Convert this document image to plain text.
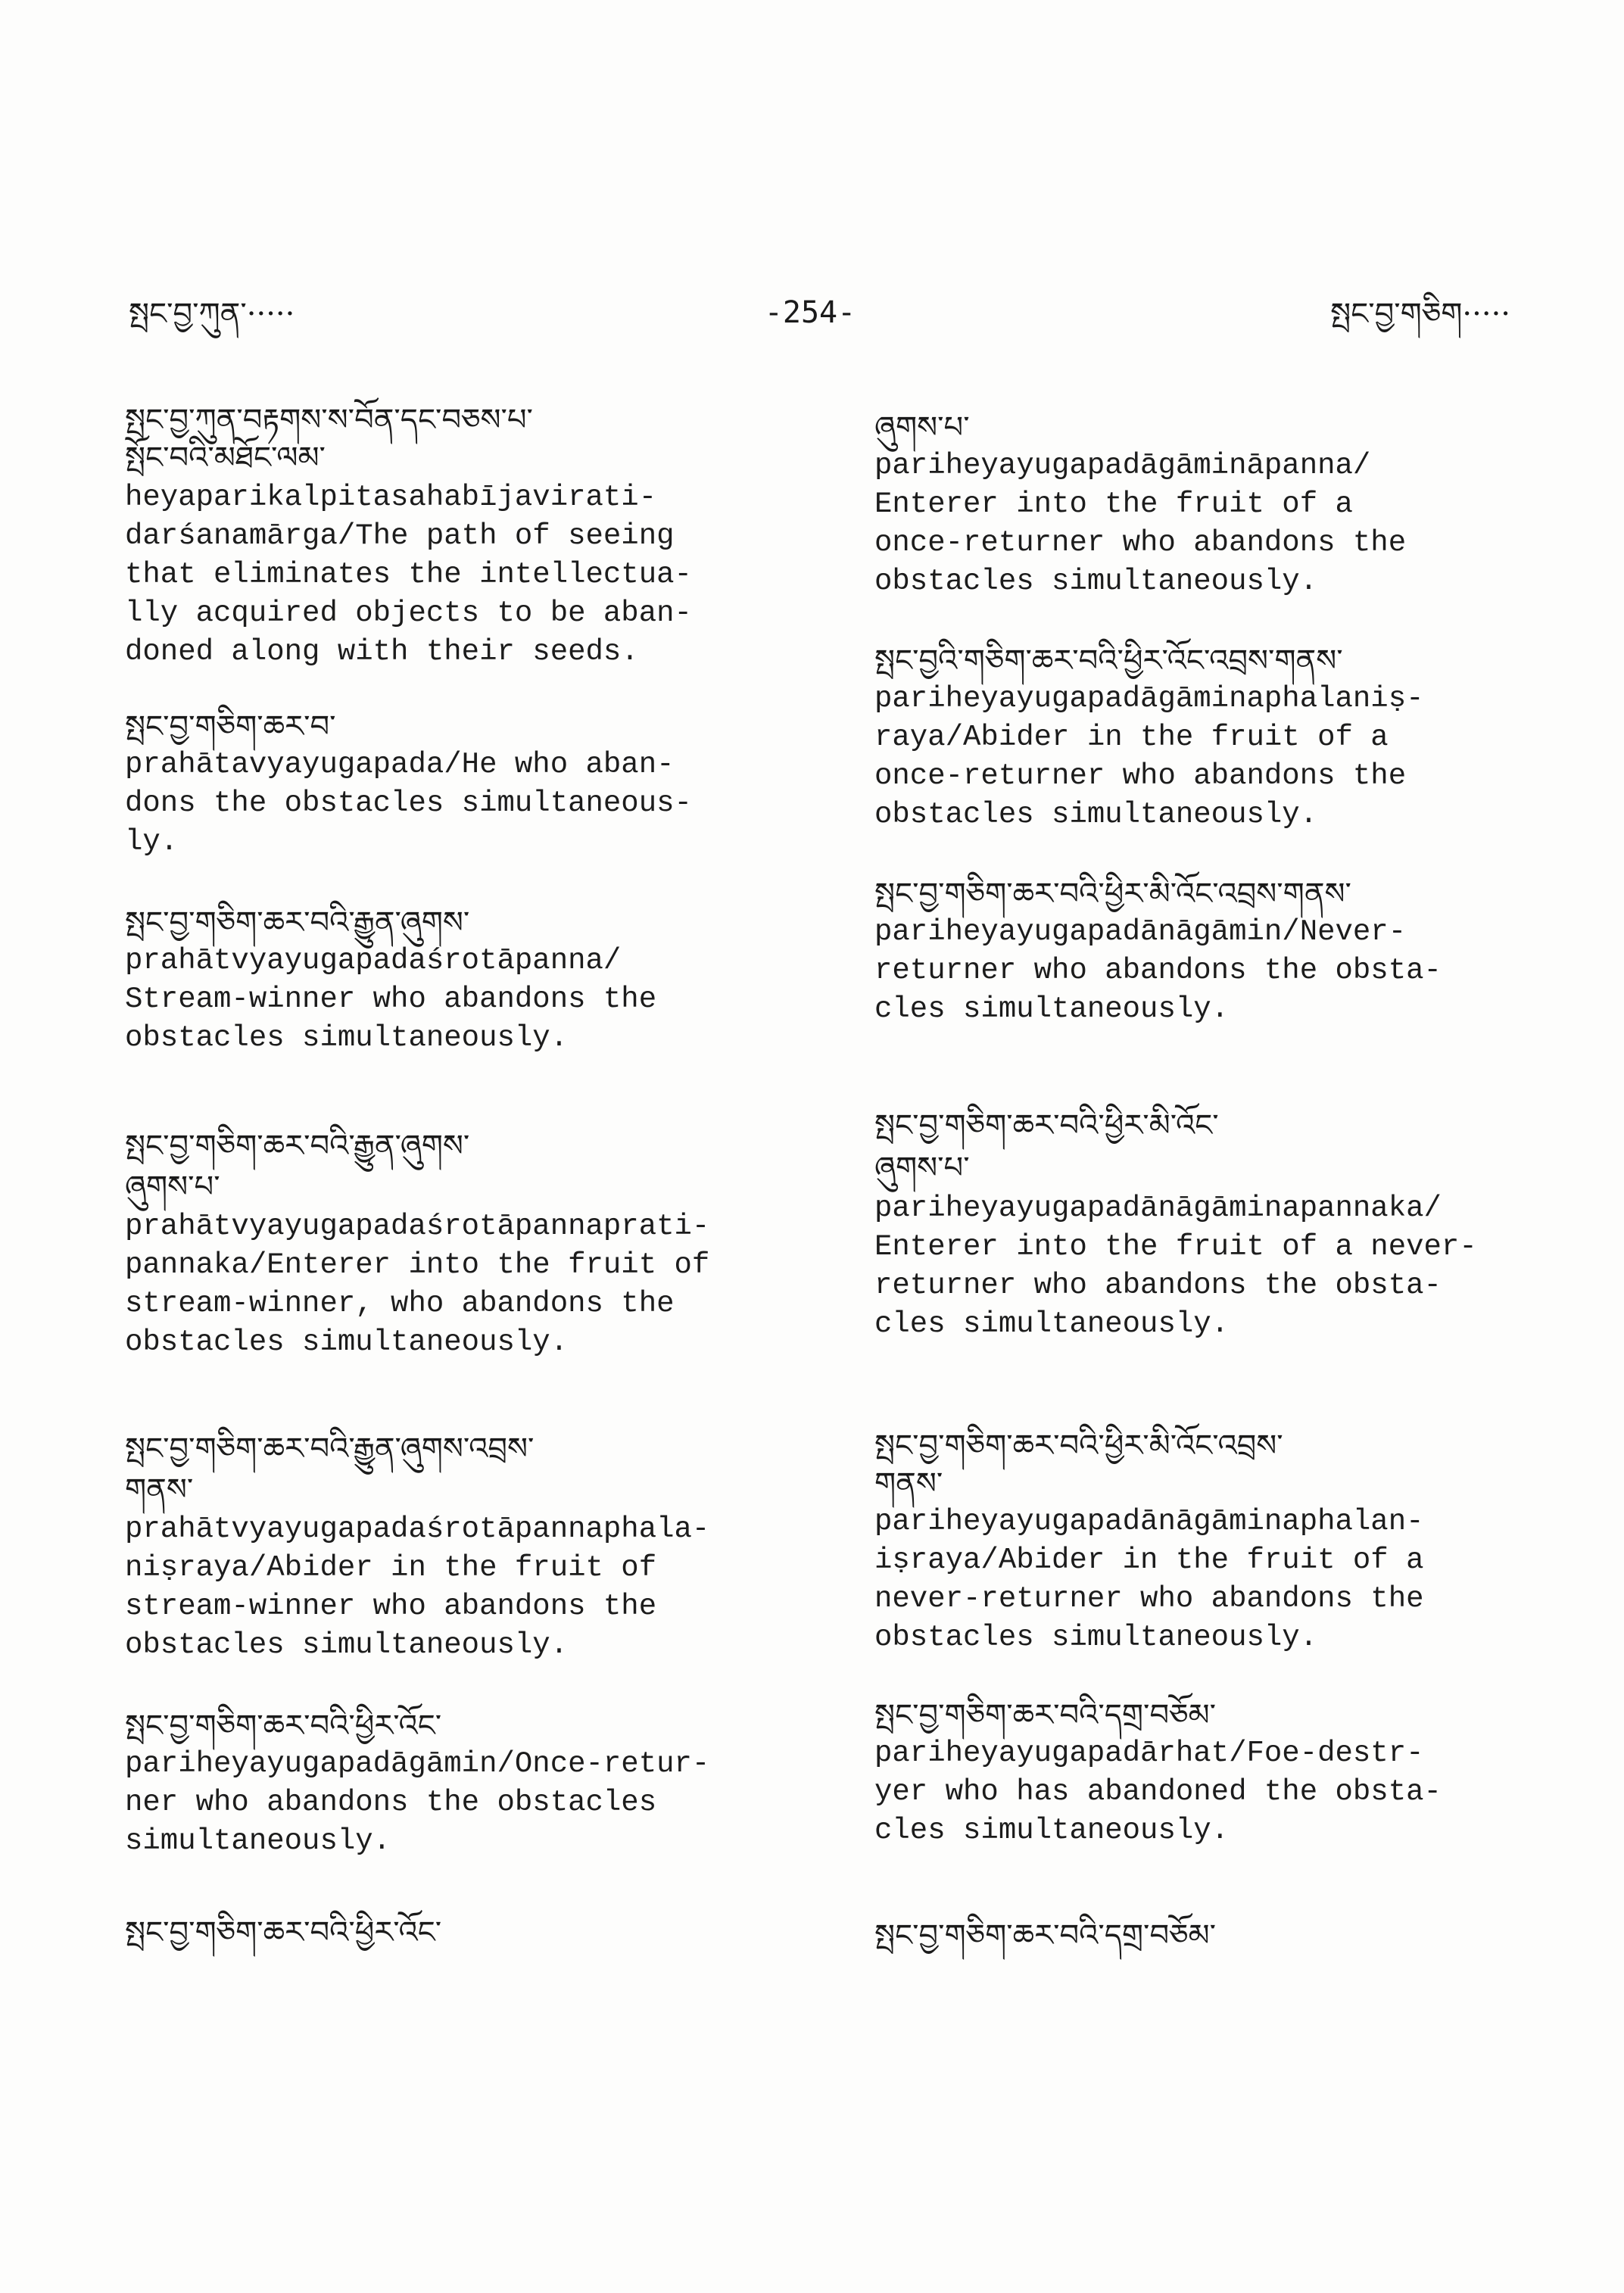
སྤང་བྱ་ཀུན་·····	-254-	སྤང་བྱ་གཅིག·····
སྤང་བྱ་ཀུན་བརྟགས་ས་བོན་དང་བཅས་པ་
སྤོང་བའི་མཐོང་ལམ་
heyaparikalpitasahabījavirati-
darśanamārga/The path of seeing
that eliminates the intellectua-
lly acquired objects to be aban-
doned along with their seeds.
སྤང་བྱ་གཅིག་ཆར་བ་
prahātavyayugapada/He who aban-
dons the obstacles simultaneous-
ly.
སྤང་བྱ་གཅིག་ཆར་བའི་རྒྱུན་ཞུགས་
prahātvyayugapadaśrotāpanna/
Stream-winner who abandons the
obstacles simultaneously.
སྤང་བྱ་གཅིག་ཆར་བའི་རྒྱུན་ཞུགས་
ཞུགས་པ་
prahātvyayugapadaśrotāpannaprati-
pannaka/Enterer into the fruit of
stream-winner, who abandons the
obstacles simultaneously.
སྤང་བྱ་གཅིག་ཆར་བའི་རྒྱུན་ཞུགས་འབྲས་
གནས་
prahātvyayugapadaśrotāpannaphala-
niṣraya/Abider in the fruit of
stream-winner who abandons the
obstacles simultaneously.
སྤང་བྱ་གཅིག་ཆར་བའི་ཕྱིར་འོང་
pariheyayugapadāgāmin/Once-retur-
ner who abandons the obstacles
simultaneously.
སྤང་བྱ་གཅིག་ཆར་བའི་ཕྱིར་འོང་
ཞུགས་པ་
pariheyayugapadāgāmināpanna/
Enterer into the fruit of a
once-returner who abandons the
obstacles simultaneously.
སྤང་བྱའི་གཅིག་ཆར་བའི་ཕྱིར་འོང་འབྲས་གནས་
pariheyayugapadāgāminaphalaniṣ-
raya/Abider in the fruit of a
once-returner who abandons the
obstacles simultaneously.
སྤང་བྱ་གཅིག་ཆར་བའི་ཕྱིར་མི་འོང་འབྲས་གནས་
pariheyayugapadānāgāmin/Never-
returner who abandons the obsta-
cles simultaneously.
སྤང་བྱ་གཅིག་ཆར་བའི་ཕྱིར་མི་འོང་
ཞུགས་པ་
pariheyayugapadānāgāminapannaka/
Enterer into the fruit of a never-
returner who abandons the obsta-
cles simultaneously.
སྤང་བྱ་གཅིག་ཆར་བའི་ཕྱིར་མི་འོང་འབྲས་
གནས་
pariheyayugapadānāgāminaphalan-
iṣraya/Abider in the fruit of a
never-returner who abandons the
obstacles simultaneously.
སྤང་བྱ་གཅིག་ཆར་བའི་དགྲ་བཅོམ་
pariheyayugapadārhat/Foe-destr-
yer who has abandoned the obsta-
cles simultaneously.
སྤང་བྱ་གཅིག་ཆར་བའི་དགྲ་བཅོམ་
